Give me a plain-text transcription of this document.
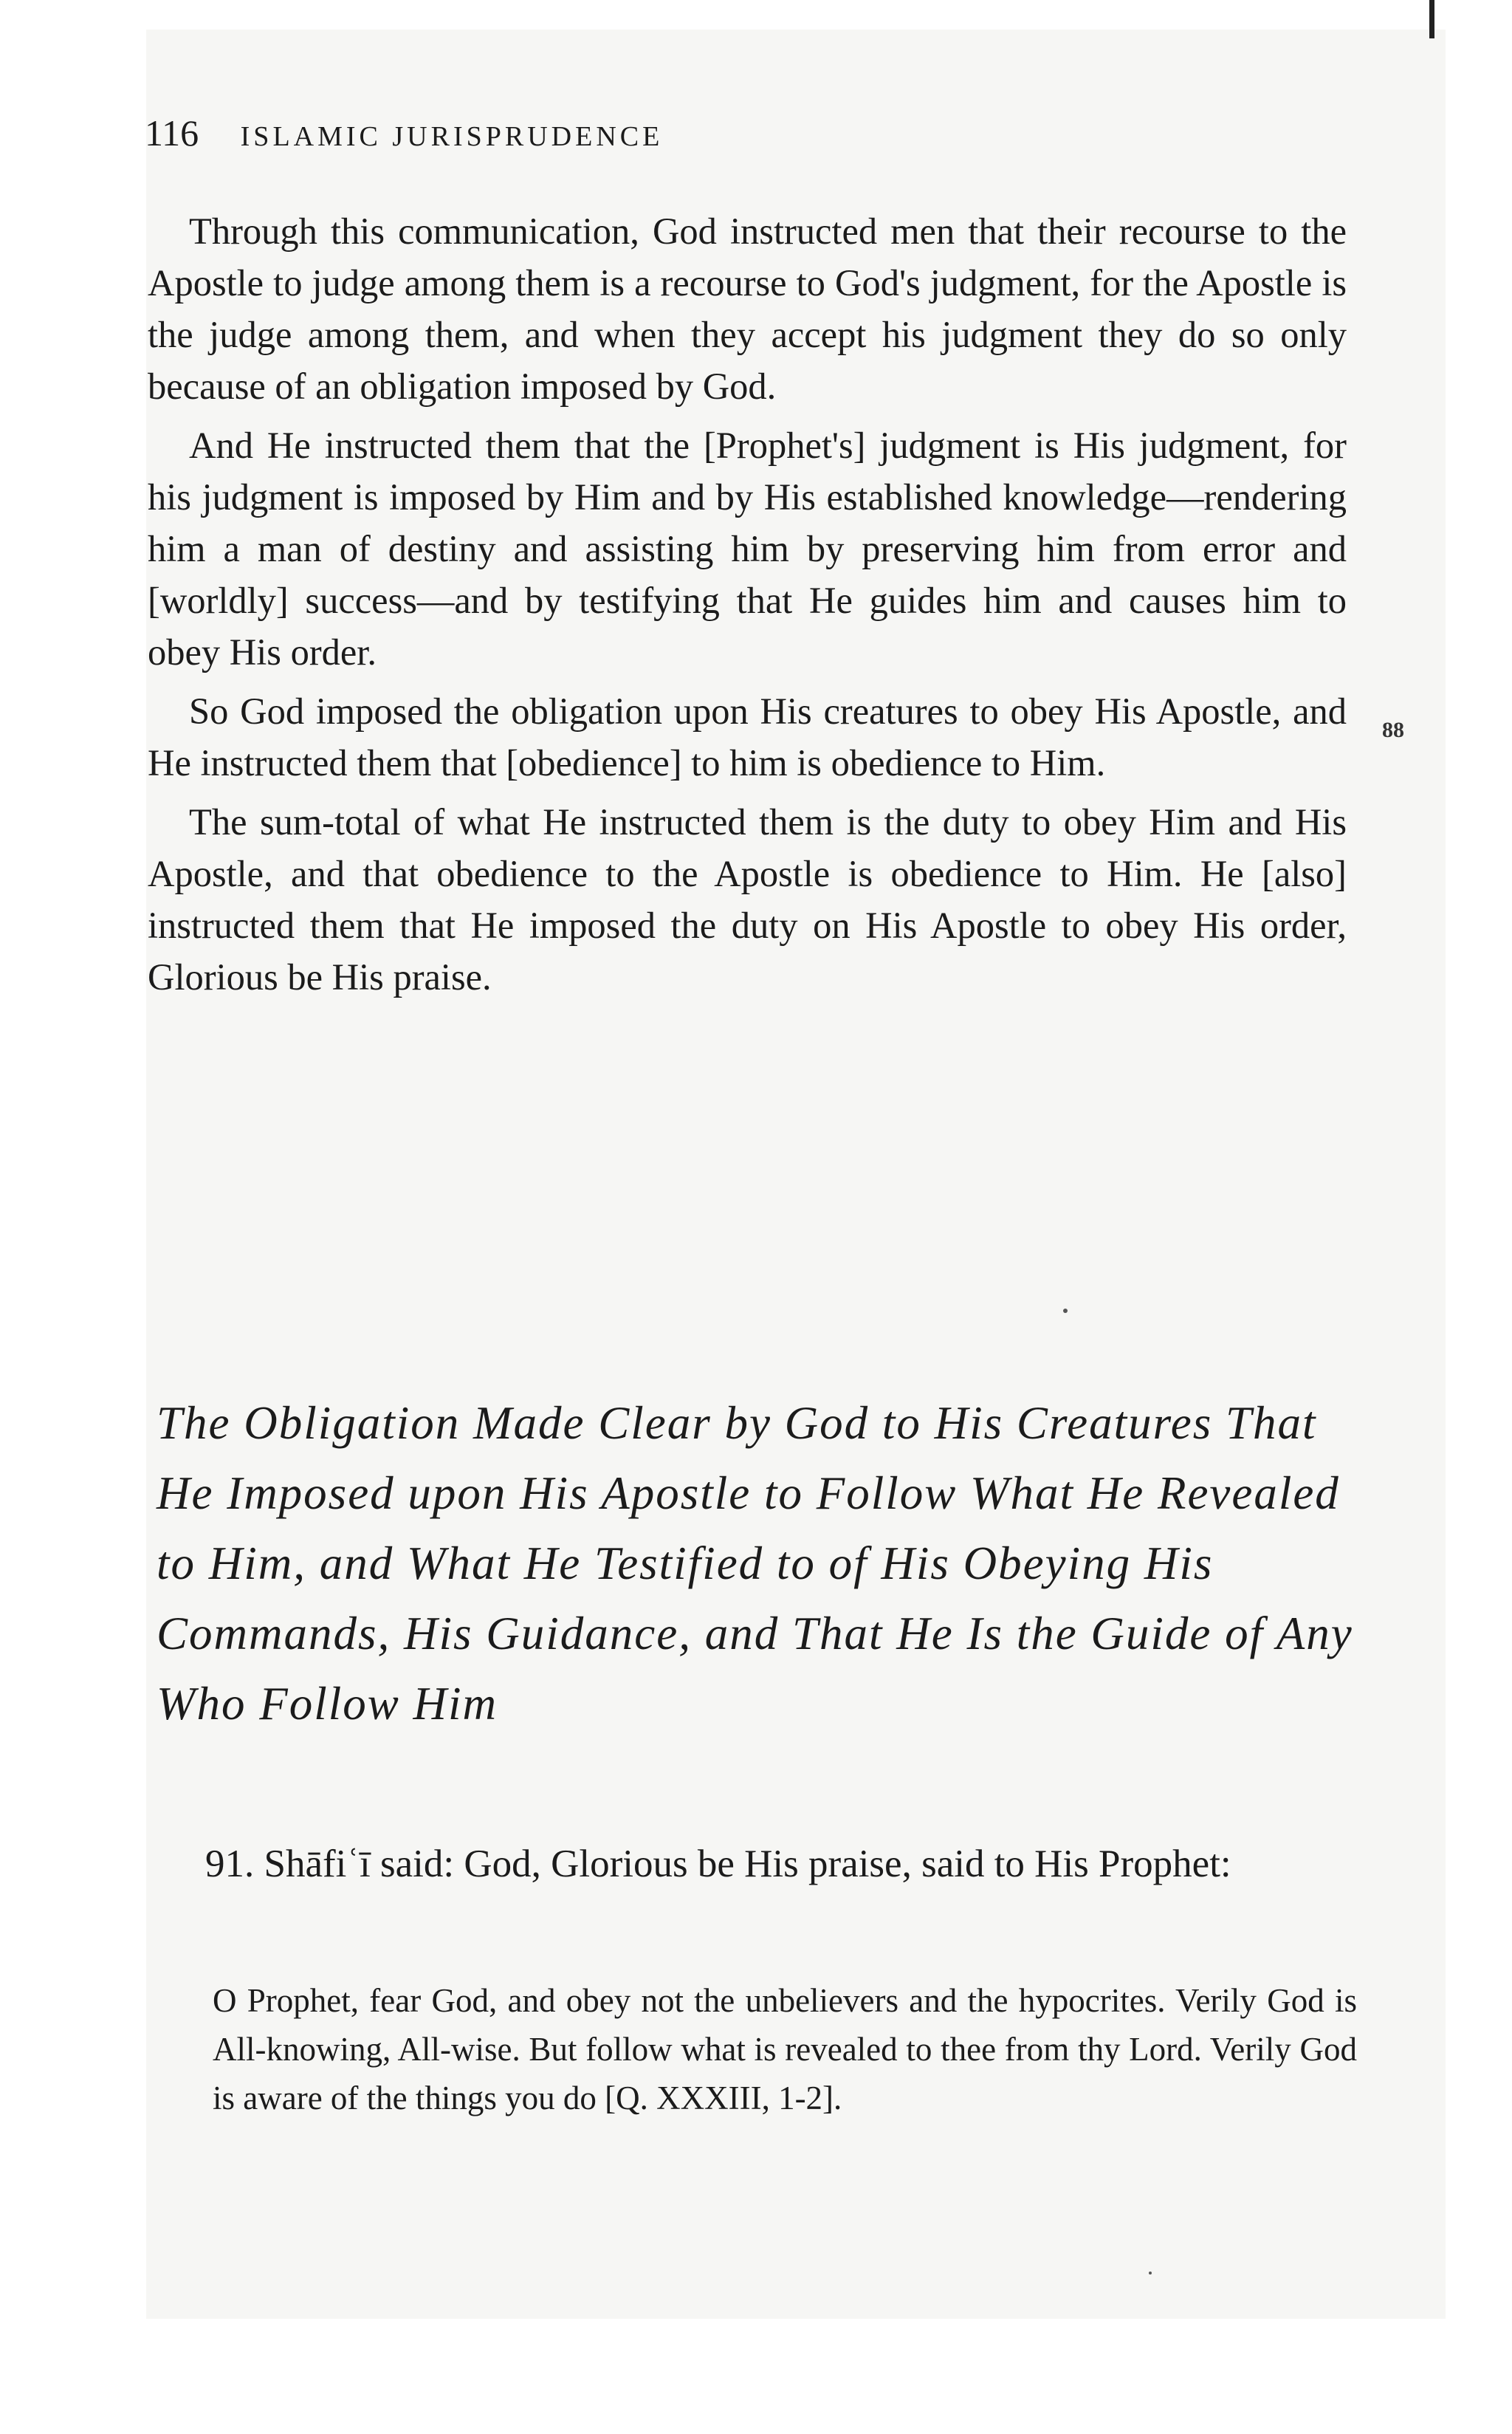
116 ISLAMIC JURISPRUDENCE

Through this communication, God instructed men that their recourse to the Apostle to judge among them is a recourse to God's judgment, for the Apostle is the judge among them, and when they accept his judgment they do so only because of an obligation imposed by God.

And He instructed them that the [Prophet's] judgment is His judgment, for his judgment is imposed by Him and by His established knowledge—rendering him a man of destiny and assisting him by preserving him from error and [worldly] success—and by testifying that He guides him and causes him to obey His order.

So God imposed the obligation upon His creatures to obey His Apostle, and He instructed them that [obedience] to him is obedience to Him.

The sum-total of what He instructed them is the duty to obey Him and His Apostle, and that obedience to the Apostle is obedience to Him. He [also] instructed them that He imposed the duty on His Apostle to obey His order, Glorious be His praise.

88
The Obligation Made Clear by God to His Creatures That He Imposed upon His Apostle to Follow What He Revealed to Him, and What He Testified to of His Obeying His Commands, His Guidance, and That He Is the Guide of Any Who Follow Him

91. Shāfiʿī said: God, Glorious be His praise, said to His Prophet:

O Prophet, fear God, and obey not the unbelievers and the hypocrites. Verily God is All-knowing, All-wise. But follow what is revealed to thee from thy Lord. Verily God is aware of the things you do [Q. XXXIII, 1-2].
